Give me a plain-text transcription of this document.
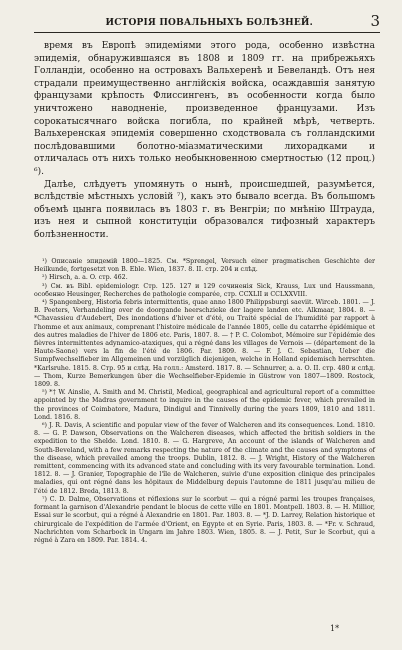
ИСТОРІЯ ПОВАЛЬНЫХЪ БОЛѢЗНЕЙ.	3

время въ Европѣ эпидеміями этого рода, особенно извѣстна эпидемія, обнаружившаяся въ 1808 и 1809 гг. на прибрежьяхъ Голландіи, особенно на островахъ Вальхеренѣ и Бевеландѣ. Отъ нея страдали преимущественно англійскія войска, осаждавшія занятую французами крѣпость Флиссингенъ, въ особенности когда было уничтожено наводненіе, произведенное французами. Изъ сорокатысячнаго войска погибла, по крайней мѣрѣ, четверть. Вальхеренская эпидемія совершенно сходствовала съ голландскими послѣдовавшими болотно-міазматическими лихорадками и отличалась отъ нихъ только необыкновенною смертностью (12 проц.) ⁶).

Далѣе, слѣдуетъ упомянуть о нынѣ, происшедшей, разумѣется, вслѣдствіе мѣстныхъ условій ⁷), какъ это бывало всегда. Въ большомъ объемѣ цынга появилась въ 1803 г. въ Венгріи; по мнѣнію Штрауда, изъ нея и сыпной конституціи образовался тифозный характеръ болѣзненности.

¹) Описаніе эпидемій 1800—1825. См. *Sprengel, Versuch einer pragmatischen Geschichte der Heilkunde, fortgesetzt von B. Eble. Wien, 1837. 8. II. стр. 204 и слѣд.

²) Hirsch, a. a. O. стр. 462.

³) См. въ Bibl. epidemiologr. Стр. 125. 127 и 129 сочиненія Sick, Krauss, Lux und Haussmann, особенно Heusinger, Recherches de pathologie comparée, стр. CCXLII и CCLXXVIII.

⁴) Spangenberg, Historia febris intermittentis, quae anno 1800 Philippsburgi saeviit. Wirceb. 1801. — J. B. Peeters, Verhandeling over de doorgande heerschzieke der lagere landen etc. Alkmaar, 1804. 8. — *Chavassieu d'Audebert, Des inondations d'hiver et d'été, ou Traité spécial de l'humidité par rapport à l'homme et aux animaux, comprenant l'histoire médicale de l'année 1805, celle du catarrhe épidémique et des autres maladies de l'hiver de 1806 etc. Paris, 1807. 8. — † P. C. Colombot, Mémoire sur l'épidémie des fièvres intermittentes adynamico-ataxiques, qui a régné dans les villages de Vernois — (département de la Haute-Saone) vers la fin de l'été de 1806. Par. 1809. 8. — F. J. C. Sebastian, Ueber die Sumpfwechselfieber im Allgemeinen und vorzüglich diejenigen, welche in Holland epidemisch herrschten. *Karlsruhe. 1815. 8. Стр. 95 и слѣд. На голл.: Amsterd. 1817. 8. — Schnurrer, a. a. O. II. стр. 480 и слѣд. — Thom, Kurze Bemerkungen über die Wechselfieber-Epidemie in Güstrow von 1807—1809. Rostock, 1809. 8.

⁵) *† W. Ainslie, A. Smith and M. Christil, Medical, geographical and agricultural report of a committee appointed by the Madras government to inquire in the causes of the epidemic fever, which prevailed in the provinces of Coimbatore, Madura, Dindigul and Tinnivelly during the years 1809, 1810 and 1811. Lond. 1816. 8.

⁶) J. R. Davis, A scientific and popular view of the fever of Walcheren and its consequences. Lond. 1810. 8. — G. P. Dawson, Observations on the Walcheren diseases, which affected the british soldiers in the expedition to the Shelde. Lond. 1810. 8. — G. Hargreve, An account of the islands of Walcheren and South-Beveland, with a few remarks respecting the nature of the climate and the causes and symptoms of the disease, which prevailed among the troops. Dublin, 1812. 8. — J. Wright, History of the Walcheren remittent, commencing with its advanced state and concluding with its very favourable termination. Lond. 1812. 8. — J. Granier, Topographie de l'île de Walcheren, suivie d'une exposition clinique des principales maladies, qui ont régné dans les hôpitaux de Middelburg depuis l'automne de 1811 jusqu'au milieu de l'été de 1812. Breda, 1813. 8.

⁷) C. D. Dalme, Observations et réflexions sur le scorbut — qui a régné parmi les troupes françaises, formant la garnison d'Alexandrie pendant le blocus de cette ville en 1801. Montpell. 1803. 8. — H. Millior, Essai sur le scorbut, qui a régné à Alexandrie en 1801. Par. 1803. 8. — *J. D. Larrey, Relation historique et chirurgicale de l'expédition de l'armée d'Orient, en Egypte et en Syrie. Paris, 1803. 8. — *Fr. v. Schraud, Nachrichten vom Scharbock in Ungarn im Jahre 1803. Wien, 1805. 8. — J. Petit, Sur le Scorbut, qui a régné à Zara en 1809. Par. 1814. 4.

1*
